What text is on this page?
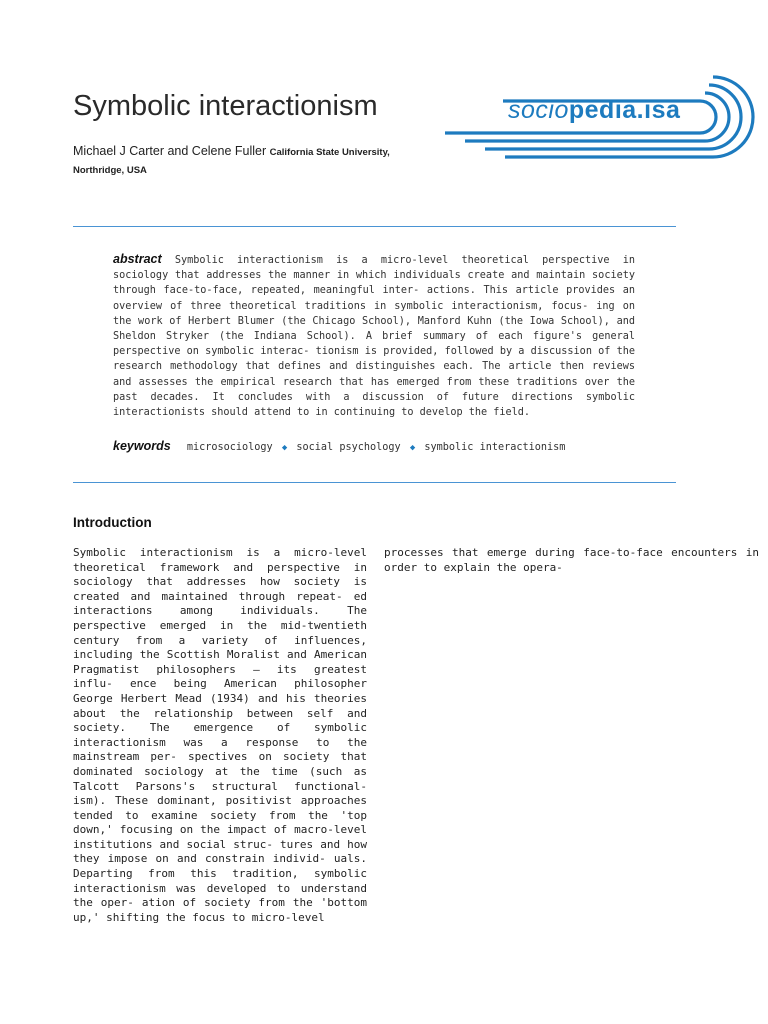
Symbolic interactionism
Michael J Carter and Celene Fuller California State University, Northridge, USA
sociopedia.isa
abstract Symbolic interactionism is a micro-level theoretical perspective in sociology that addresses the manner in which individuals create and maintain society through face-to-face, repeated, meaningful inter- actions. This article provides an overview of three theoretical traditions in symbolic interactionism, focus- ing on the work of Herbert Blumer (the Chicago School), Manford Kuhn (the Iowa School), and Sheldon Stryker (the Indiana School). A brief summary of each figure's general perspective on symbolic interac- tionism is provided, followed by a discussion of the research methodology that defines and distinguishes each. The article then reviews and assesses the empirical research that has emerged from these traditions over the past decades. It concludes with a discussion of future directions symbolic interactionists should attend to in continuing to develop the field.
keywords microsociology ◆ social psychology ◆ symbolic interactionism
Introduction
Symbolic interactionism is a micro-level theoretical framework and perspective in sociology that addresses how society is created and maintained through repeat- ed interactions among individuals. The perspective emerged in the mid-twentieth century from a variety of influences, including the Scottish Moralist and American Pragmatist philosophers — its greatest influ- ence being American philosopher George Herbert Mead (1934) and his theories about the relationship between self and society. The emergence of symbolic interactionism was a response to the mainstream per- spectives on society that dominated sociology at the time (such as Talcott Parsons's structural functional- ism). These dominant, positivist approaches tended to examine society from the 'top down,' focusing on the impact of macro-level institutions and social struc- tures and how they impose on and constrain individ- uals. Departing from this tradition, symbolic interactionism was developed to understand the oper- ation of society from the 'bottom up,' shifting the focus to micro-level
processes that emerge during face-to-face encounters in order to explain the opera-
